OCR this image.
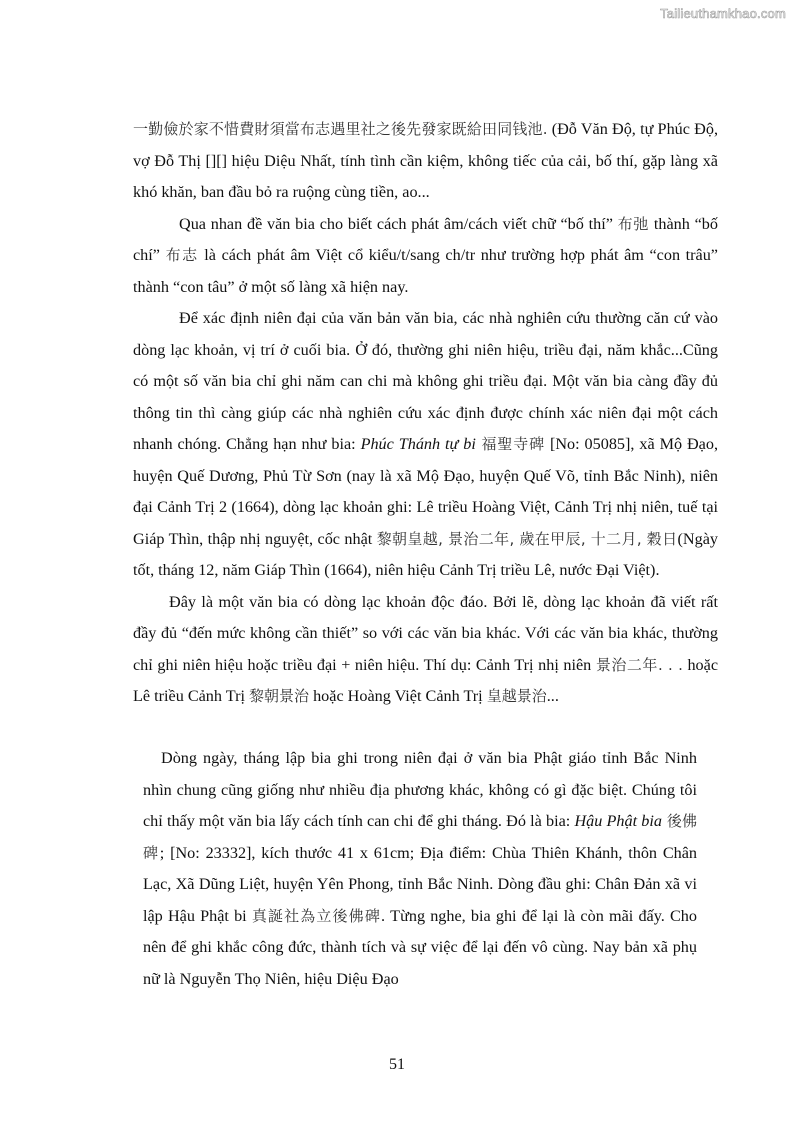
Tailieuthamkhao.com

一勤儉於家不惜費財須當布志遇里社之後先發家既給田同钱池. (Đỗ Văn Độ, tự Phúc Độ, vợ Đỗ Thị [][] hiệu Diệu Nhất, tính tình cần kiệm, không tiếc của cải, bố thí, gặp làng xã khó khăn, ban đầu bỏ ra ruộng cùng tiền, ao...

Qua nhan đề văn bia cho biết cách phát âm/cách viết chữ “bố thí” 布弛 thành “bố chí” 布志 là cách phát âm Việt cổ kiểu/t/sang ch/tr như trường hợp phát âm “con trâu” thành “con tâu” ở một số làng xã hiện nay.

Để xác định niên đại của văn bản văn bia, các nhà nghiên cứu thường căn cứ vào dòng lạc khoản, vị trí ở cuối bia. Ở đó, thường ghi niên hiệu, triều đại, năm khắc...Cũng có một số văn bia chỉ ghi năm can chi mà không ghi triều đại. Một văn bia càng đầy đủ thông tin thì càng giúp các nhà nghiên cứu xác định được chính xác niên đại một cách nhanh chóng. Chẳng hạn như bia: Phúc Thánh tự bi 福聖寺碑 [No: 05085], xã Mộ Đạo, huyện Quế Dương, Phủ Từ Sơn (nay là xã Mộ Đạo, huyện Quế Võ, tỉnh Bắc Ninh), niên đại Cảnh Trị 2 (1664), dòng lạc khoản ghi: Lê triều Hoàng Việt, Cảnh Trị nhị niên, tuế tại Giáp Thìn, thập nhị nguyệt, cốc nhật 黎朝皇越, 景治二年, 歲在甲辰, 十二月, 穀日(Ngày tốt, tháng 12, năm Giáp Thìn (1664), niên hiệu Cảnh Trị triều Lê, nước Đại Việt).

Đây là một văn bia có dòng lạc khoản độc đáo. Bởi lẽ, dòng lạc khoản đã viết rất đầy đủ “đến mức không cần thiết” so với các văn bia khác. Với các văn bia khác, thường chỉ ghi niên hiệu hoặc triều đại + niên hiệu. Thí dụ: Cảnh Trị nhị niên 景治二年. . . hoặc Lê triều Cảnh Trị 黎朝景治 hoặc Hoàng Việt Cảnh Trị 皇越景治...

Dòng ngày, tháng lập bia ghi trong niên đại ở văn bia Phật giáo tỉnh Bắc Ninh nhìn chung cũng giống như nhiều địa phương khác, không có gì đặc biệt. Chúng tôi chỉ thấy một văn bia lấy cách tính can chi để ghi tháng. Đó là bia: Hậu Phật bia 後佛碑; [No: 23332], kích thước 41 x 61cm; Địa điểm: Chùa Thiên Khánh, thôn Chân Lạc, Xã Dũng Liệt, huyện Yên Phong, tỉnh Bắc Ninh. Dòng đầu ghi: Chân Đản xã vi lập Hậu Phật bi 真誕社為立後佛碑. Từng nghe, bia ghi để lại là còn mãi đấy. Cho nên để ghi khắc công đức, thành tích và sự việc để lại đến vô cùng. Nay bản xã phụ nữ là Nguyễn Thọ Niên, hiệu Diệu Đạo

51
